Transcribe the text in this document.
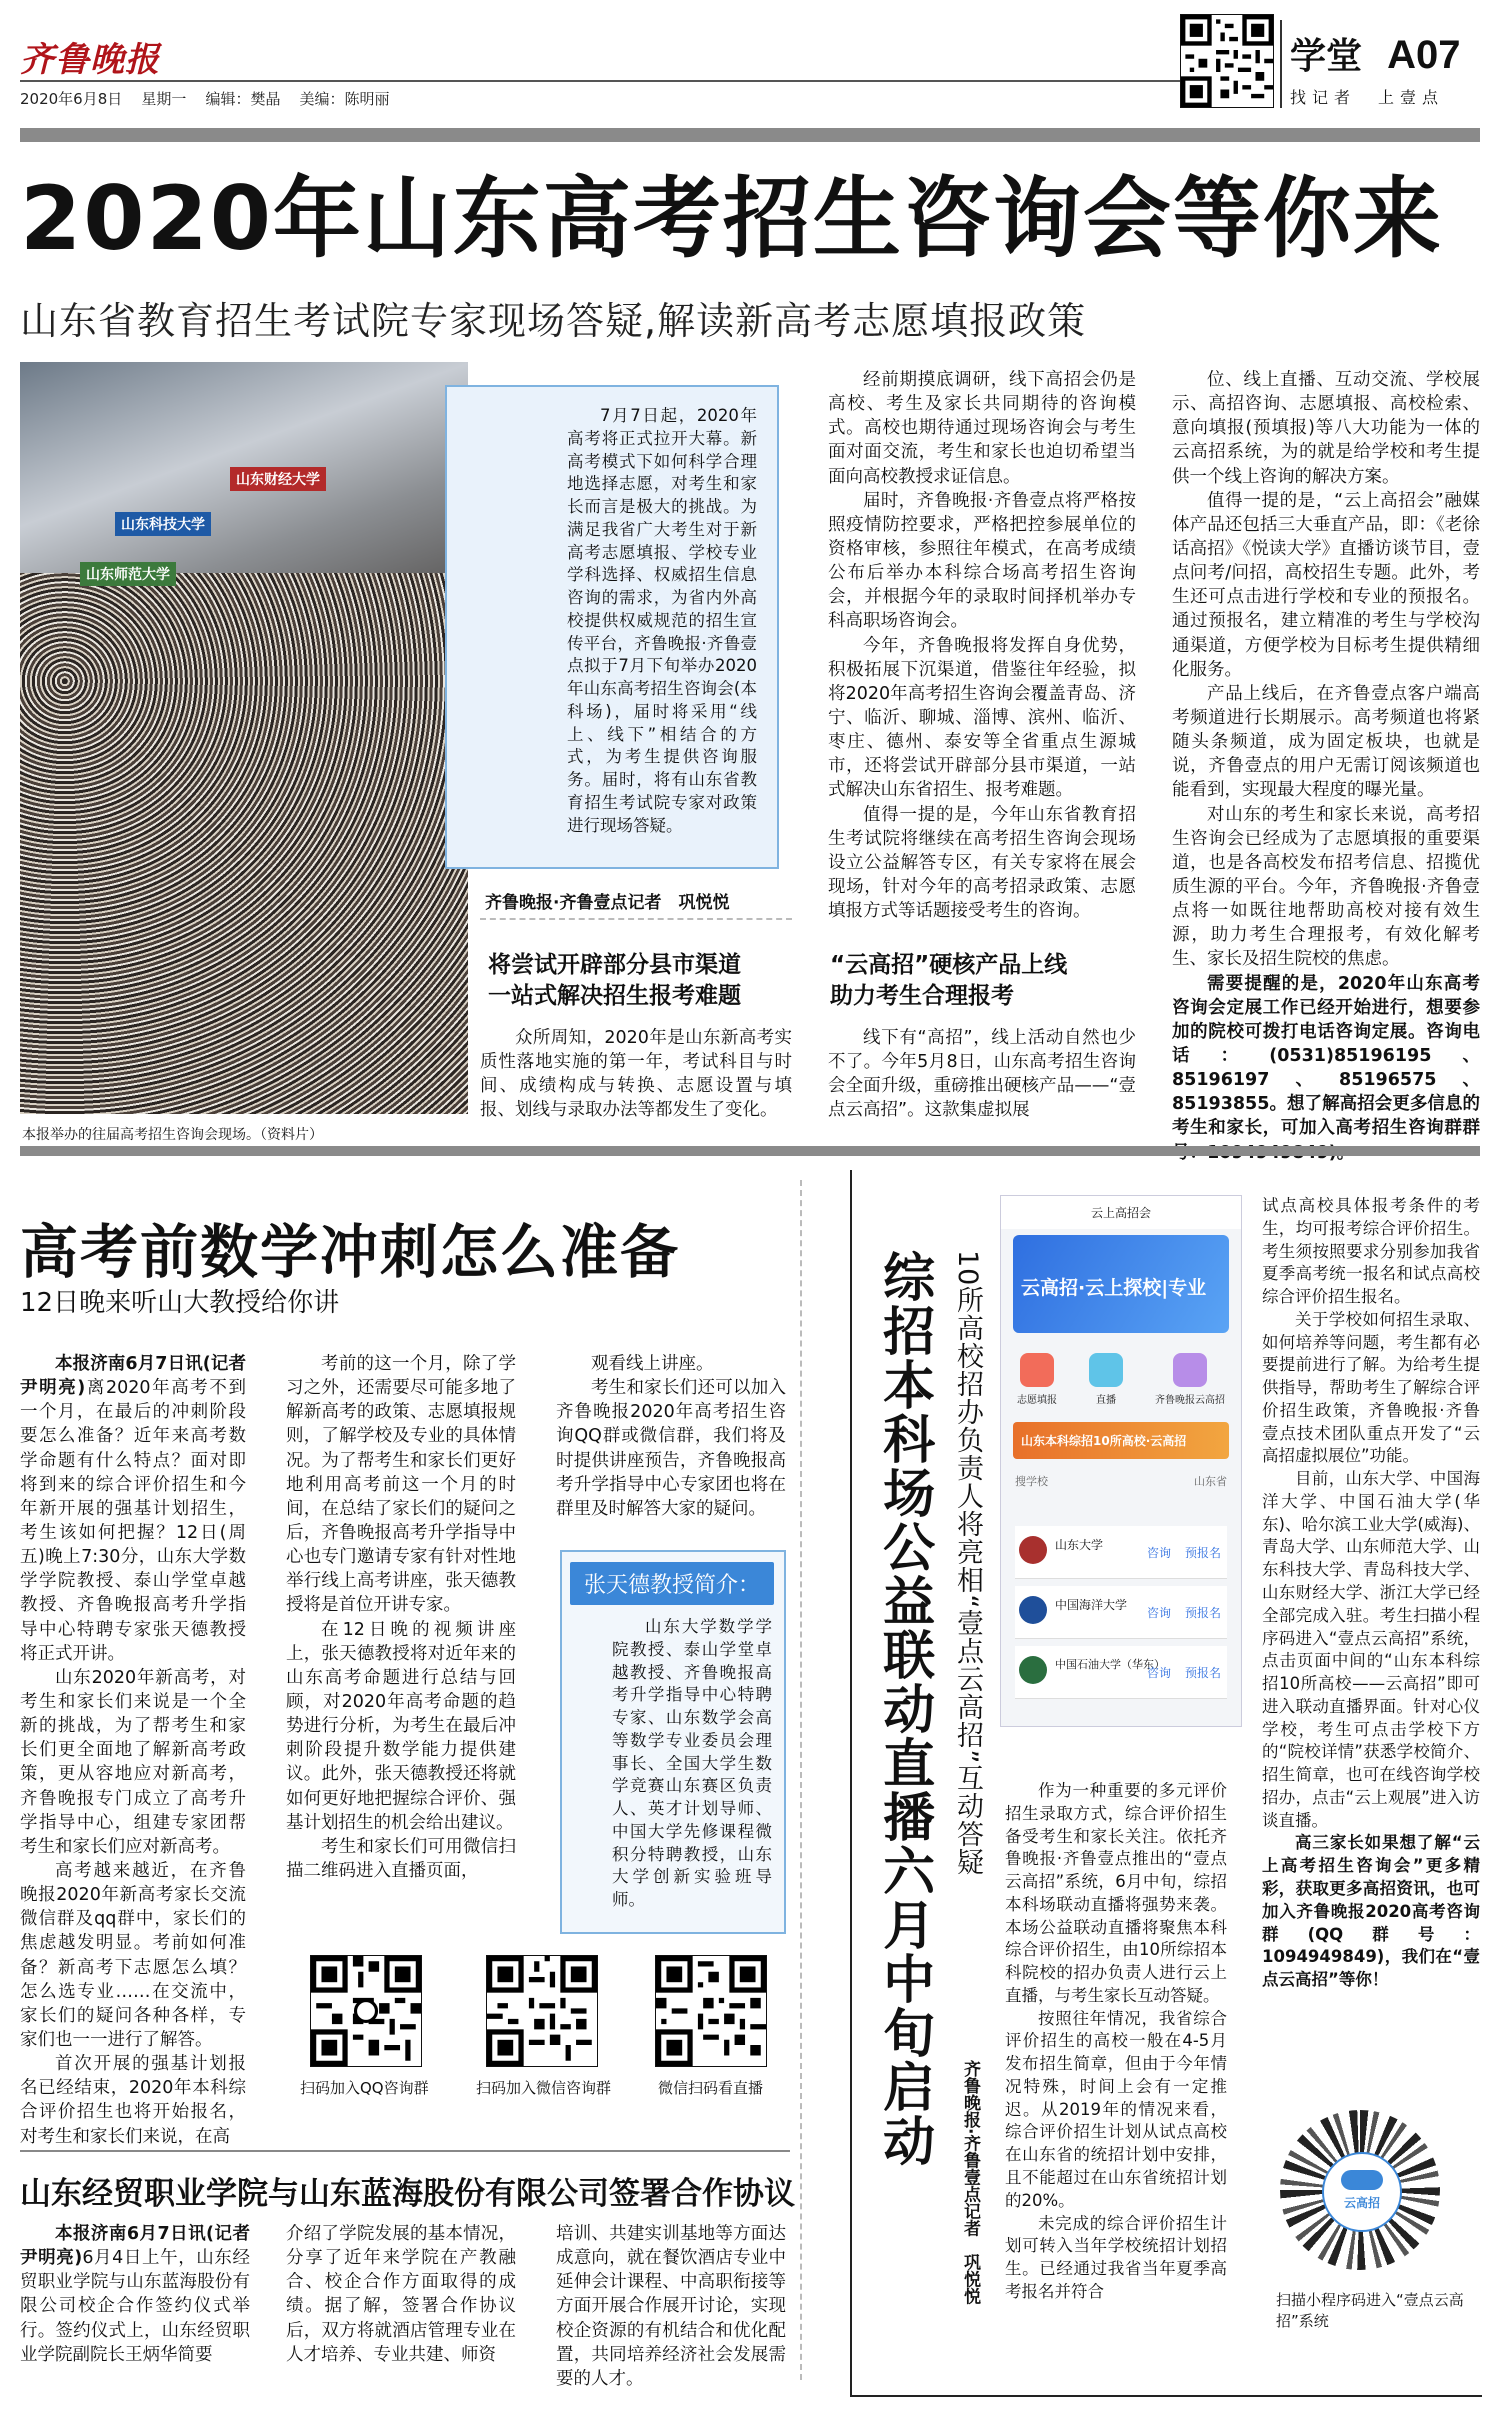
齐鲁晚报
2020年6月8日 星期一 编辑：樊晶 美编：陈明丽
学堂 A07
找记者　上壹点
2020年山东高考招生咨询会等你来
山东省教育招生考试院专家现场答疑,解读新高考志愿填报政策
山东科技大学
山东财经大学
山东师范大学
本报举办的往届高考招生咨询会现场。（资料片）

7月7日起，2020年高考将正式拉开大幕。新高考模式下如何科学合理地选择志愿，对考生和家长而言是极大的挑战。为满足我省广大考生对于新高考志愿填报、学校专业学科选择、权威招生信息咨询的需求，为省内外高校提供权威规范的招生宣传平台，齐鲁晚报·齐鲁壹点拟于7月下旬举办2020年山东高考招生咨询会(本科场)，届时将采用“线上、线下”相结合的方式，为考生提供咨询服务。届时，将有山东省教育招生考试院专家对政策进行现场答疑。

齐鲁晚报·齐鲁壹点记者　巩悦悦
将尝试开辟部分县市渠道
一站式解决招生报考难题

众所周知，2020年是山东新高考实质性落地实施的第一年，考试科目与时间、成绩构成与转换、志愿设置与填报、划线与录取办法等都发生了变化。

经前期摸底调研，线下高招会仍是高校、考生及家长共同期待的咨询模式。高校也期待通过现场咨询会与考生面对面交流，考生和家长也迫切希望当面向高校教授求证信息。

届时，齐鲁晚报·齐鲁壹点将严格按照疫情防控要求，严格把控参展单位的资格审核，参照往年模式，在高考成绩公布后举办本科综合场高考招生咨询会，并根据今年的录取时间择机举办专科高职场咨询会。

今年，齐鲁晚报将发挥自身优势，积极拓展下沉渠道，借鉴往年经验，拟将2020年高考招生咨询会覆盖青岛、济宁、临沂、聊城、淄博、滨州、临沂、枣庄、德州、泰安等全省重点生源城市，还将尝试开辟部分县市渠道，一站式解决山东省招生、报考难题。

值得一提的是，今年山东省教育招生考试院将继续在高考招生咨询会现场设立公益解答专区，有关专家将在展会现场，针对今年的高考招录政策、志愿填报方式等话题接受考生的咨询。

“云高招”硬核产品上线
助力考生合理报考

线下有“高招”，线上活动自然也少不了。今年5月8日，山东高考招生咨询会全面升级，重磅推出硬核产品——“壹点云高招”。这款集虚拟展

位、线上直播、互动交流、学校展示、高招咨询、志愿填报、高校检索、意向填报(预填报)等八大功能为一体的云高招系统，为的就是给学校和考生提供一个线上咨询的解决方案。

值得一提的是，“云上高招会”融媒体产品还包括三大垂直产品，即：《老徐话高招》《悦读大学》直播访谈节目，壹点问考/问招，高校招生专题。此外，考生还可点击进行学校和专业的预报名。通过预报名，建立精准的考生与学校沟通渠道，方便学校为目标考生提供精细化服务。

产品上线后，在齐鲁壹点客户端高考频道进行长期展示。高考频道也将紧随头条频道，成为固定板块，也就是说，齐鲁壹点的用户无需订阅该频道也能看到，实现最大程度的曝光量。

对山东的考生和家长来说，高考招生咨询会已经成为了志愿填报的重要渠道，也是各高校发布招考信息、招揽优质生源的平台。今年，齐鲁晚报·齐鲁壹点将一如既往地帮助高校对接有效生源，助力考生合理报考，有效化解考生、家长及招生院校的焦虑。

需要提醒的是，2020年山东高考咨询会定展工作已经开始进行，想要参加的院校可拨打电话咨询定展。咨询电话：(0531)85196195、85196197、85196575、85193855。想了解高招会更多信息的考生和家长，可加入高考招生咨询群群

高考前数学冲刺怎么准备
12日晚来听山大教授给你讲

本报济南6月7日讯(记者　尹明亮)离2020年高考不到一个月，在最后的冲刺阶段要怎么准备？近年来高考数学命题有什么特点？面对即将到来的综合评价招生和今年新开展的强基计划招生，考生该如何把握？12日(周五)晚上7:30分，山东大学数学学院教授、泰山学堂卓越教授、齐鲁晚报高考升学指导中心特聘专家张天德教授将正式开讲。

山东2020年新高考，对考生和家长们来说是一个全新的挑战，为了帮考生和家长们更全面地了解新高考政策，更从容地应对新高考，齐鲁晚报专门成立了高考升学指导中心，组建专家团帮考生和家长们应对新高考。

高考越来越近，在齐鲁晚报2020年新高考家长交流微信群及qq群中，家长们的焦虑越发明显。考前如何准备？新高考下志愿怎么填？怎么选专业……在交流中，家长们的疑问各种各样，专家们也一一进行了解答。

首次开展的强基计划报名已经结束，2020年本科综合评价招生也将开始报名，对考生和家长们来说，在高

考前的这一个月，除了学习之外，还需要尽可能多地了解新高考的政策、志愿填报规则，了解学校及专业的具体情况。为了帮考生和家长们更好地利用高考前这一个月的时间，在总结了家长们的疑问之后，齐鲁晚报高考升学指导中心也专门邀请专家有针对性地举行线上高考讲座，张天德教授将是首位开讲专家。

在12日晚的视频讲座上，张天德教授将对近年来的山东高考命题进行总结与回顾，对2020年高考命题的趋势进行分析，为考生在最后冲刺阶段提升数学能力提供建议。此外，张天德教授还将就如何更好地把握综合评价、强基计划招生的机会给出建议。

考生和家长们可用微信扫描二维码进入直播页面，

观看线上讲座。

考生和家长们还可以加入齐鲁晚报2020年高考招生咨询QQ群或微信群，我们将及时提供讲座预告，齐鲁晚报高考升学指导中心专家团也将在群里及时解答大家的疑问。

张天德教授简介：
山东大学数学学院教授、泰山学堂卓越教授、齐鲁晚报高考升学指导中心特聘专家、山东数学会高等数学专业委员会理事长、全国大学生数学竞赛山东赛区负责人、英才计划导师、中国大学先修课程微积分特聘教授，山东大学创新实验班导师。
扫码加入QQ咨询群	扫码加入微信咨询群	微信扫码看直播
山东经贸职业学院与山东蓝海股份有限公司签署合作协议

本报济南6月7日讯(记者　尹明亮)6月4日上午，山东经贸职业学院与山东蓝海股份有限公司校企合作签约仪式举行。签约仪式上，山东经贸职业学院副院长王炳华简要

介绍了学院发展的基本情况，分享了近年来学院在产教融合、校企合作方面取得的成绩。据了解，签署合作协议后，双方将就酒店管理专业在人才培养、专业共建、师资

培训、共建实训基地等方面达成意向，就在餐饮酒店专业中延伸会计课程、中高职衔接等方面开展合作展开讨论，实现校企资源的有机结合和优化配置，共同培养经济社会发展需要的人才。

综招本科场公益联动直播六月中旬启动 10所高校招办负责人将亮相“壹点云高招”互动答疑
齐鲁晚报·齐鲁壹点记者　巩悦悦
云上高招会
云高招·云上探校|专业
志愿填报	直播	齐鲁晚报云高招
山东本科综招10所高校·云高招
搜学校	山东省
山东大学
咨询 预报名
中国海洋大学
咨询 预报名
中国石油大学（华东）
咨询 预报名

作为一种重要的多元评价招生录取方式，综合评价招生备受考生和家长关注。依托齐鲁晚报·齐鲁壹点推出的“壹点云高招”系统，6月中旬，综招本科场联动直播将强势来袭。本场公益联动直播将聚焦本科综合评价招生，由10所综招本科院校的招办负责人进行云上直播，与考生家长互动答疑。

按照往年情况，我省综合评价招生的高校一般在4-5月发布招生简章，但由于今年情况特殊，时间上会有一定推迟。从2019年的情况来看，综合评价招生计划从试点高校在山东省的统招计划中安排，且不能超过在山东省统招计划的20%。

未完成的综合评价招生计划可转入当年学校统招计划招生。已经通过我省当年夏季高考报名并符合

试点高校具体报考条件的考生，均可报考综合评价招生。考生须按照要求分别参加我省夏季高考统一报名和试点高校综合评价招生报名。

关于学校如何招生录取、如何培养等问题，考生都有必要提前进行了解。为给考生提供指导，帮助考生了解综合评价招生政策，齐鲁晚报·齐鲁壹点技术团队重点开发了“云高招虚拟展位”功能。

目前，山东大学、中国海洋大学、中国石油大学(华东)、哈尔滨工业大学(威海)、青岛大学、山东师范大学、山东科技大学、青岛科技大学、山东财经大学、浙江大学已经全部完成入驻。考生扫描小程序码进入“壹点云高招”系统，点击页面中间的“山东本科综招10所高校——云高招”即可进入联动直播界面。针对心仪学校，考生可点击学校下方的“院校详情”获悉学校简介、招生简章，也可在线咨询学校招办，点击“云上观展”进入访谈直播。

高三家长如果想了解“云上高考招生咨询会”更多精彩，获取更多高招资讯，也可加入齐鲁晚报2020高考咨询群(QQ群号：1094949849)，我们在“壹点云高招”等你！

云高招
扫描小程序码进入“壹点云高招”系统
